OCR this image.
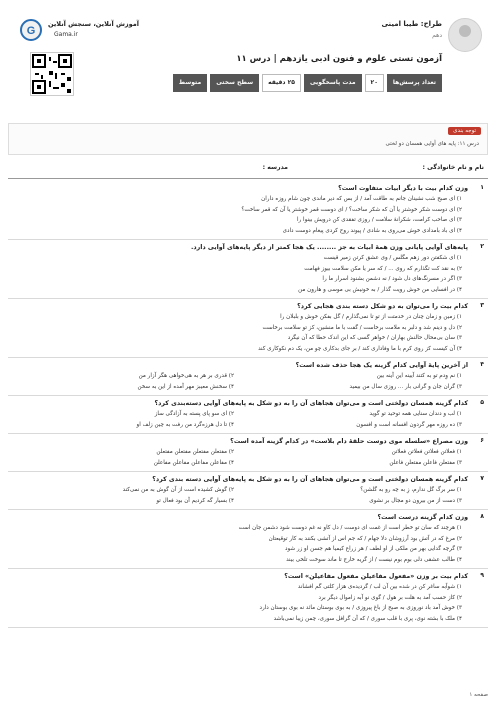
طراح: طیبا امینی
دهم
آزمون تستی علوم و فنون ادبی یازدهم | درس ۱۱
G
آموزش آنلاین، سنجش آنلاین
Gama.ir
تعداد پرسش‌ها
۲۰
مدت پاسخگویی
۲۵ دقیقه
سطح سختی
متوسط
توجه بندی
درس ۱۱: پایه های آوایی همسان دو لختی
نام و نام خانوادگی :
مدرسه :
۱
وزن کدام بیت با دیگر ابیات متفاوت است؟
۱) ای صبح شب نشینان جانم به طاقت آمد / از بس که دیر ماندی چون شام روزه داران
۲) ای دوست شکر خوشتر یا آن که شکر ساخت؟ / ای دوست قمر خوشتر یا آن که قمر ساخت؟
۳) ای صاحب کرامت، شکرانهٔ سلامت / روزی تفقدی کن درویش بینوا را
۴) ای باد بامدادی خوش می‌روی به شادی / پیوند روح کردی پیغام دوست دادی
۲
پایه‌های آوایی پایانی وزن همهٔ ابیات به جز ........ یک هجا کمتر از دیگر پایه‌های آوایی دارد.
۱) ای شکفتن دور زهم مگلس / وی عشق کرتن زمیر قیست
۲) به نقد کت تگذارم که روی ... / که سر یا مکن سلامت بیوز فهامت
۳) اگر در مسرنگ‌های دل شود / نه دشمن بشنود اسرار ما را
۴) در افسایی من خوش رویت گذار / به خونیش بی موسی و هارون من
۳
کدام بیت را می‌توان به دو شکل دسته بندی هجایی کرد؟
۱) زمین و زمان چنان در خدمتت از تو تا نمی‌گذارم / گل بفکن خوش و بلبلان را
۲) دل و دینم شد و دلبر به ملامت برخاست / گفت با ما منشین، کز تو سلامت برخاست
۳) سان بی‌محال حالنش بهاران / خواهر گسی که این اندک حطا که آن نیگرد
۴) آن کیست کز روی کرم با ما وفاداری کند / بر جای بدکاری چو من، یک دم نکوکاری کند
۴
از آخرین پایهٔ آوایی کدام گزینه یک هجا حذف شده است؟
۱) نم وِدم تو به کتند آیینه این آینه بین
۲) قدری بر هر به هی‌خواهی هگر آزار من
۳) گران جان و گرانی بار ... روزی سال من بیمید
۴) سخنش معیبز مهر آمده از این به سخن
۵
کدام گزینه همسان دولختی است و می‌توان هجاهای آن را به دو شکل به پایه‌های آوایی دسته‌بندی کرد؟
۱) لب و دندان سنایی همه توحید تو گوید
۲) ای سو پای پسته به آزادگی ساز
۳) ده روزه مهر گردون افسانه است و افسون
۴) تا دل هرزه‌گرد من رفت به چین زلف او
۶
وزن مصراع «سلسله موی دوست حلقهٔ دام بلاست» در کدام گزینه آمده است؟
۱) فعلاتن فعلاتن فعلاتن فعلاتن
۲) مفتعلن مفتعلن مفتعلن مفتعلن
۳) مفتعلن فاعلن مفتعلن فاعلن
۴) مفاعلن مفاعلن مفاعلن مفاعلن
۷
کدام گزینه همسان دولختی است و می‌توان هجاهای آن را به دو شکل به پایه‌های آوایی دسته‌ بندی کرد؟
۱) سر برگ گل ندارم، زِ به چه رو به گلشن؟
۲) گوش کشیده است از آن گوش به من نمی‌کند
۳) دست از من بیرون دو مجال بر نشوی
۴) بسیار گه کردیم آن بود فعال تو
۸
وزن کدام گزینه درست است؟
۱) هرچند که سان تو خطر است از غمت ای دوست / دل کاو نه غم دوست شود دشمن جان است
۲) مرغ که در آتش بود آرزوشان دلا جهام / که جم اس از آتشی بکنند به کار توقیعتان
۳) گرچه گدایی بهر من ملکی از او لطف / هر زراع کیمیا هم جسن او زر شود
۴) طالب عشقی دلی بوم بوم نیست / از گریه خارج تا ماند سوخت تلخی بیند
۹
کدام بیت بر وزن «مفعول مفاعیلن مفعول مفاعیلن» است؟
۱) شوآبه ساغر کن در شده بین آن لب / گردیده‌ی هزار کلتی گم افشاند
۲) کاز حسب آمد به هلت بر هول / گوی نو آبه زاموال دیگر برد
۳) خوش آمد باد نوروزی به صبح از باغ پیروزی / به بوی بوستان مائد نه بوی بوستان دارد
۴) ملک با بشته نوی، پری با قلب سوری / که آن گرافل سوری، چمن زیبا نمی‌باشد
صفحه ۱
